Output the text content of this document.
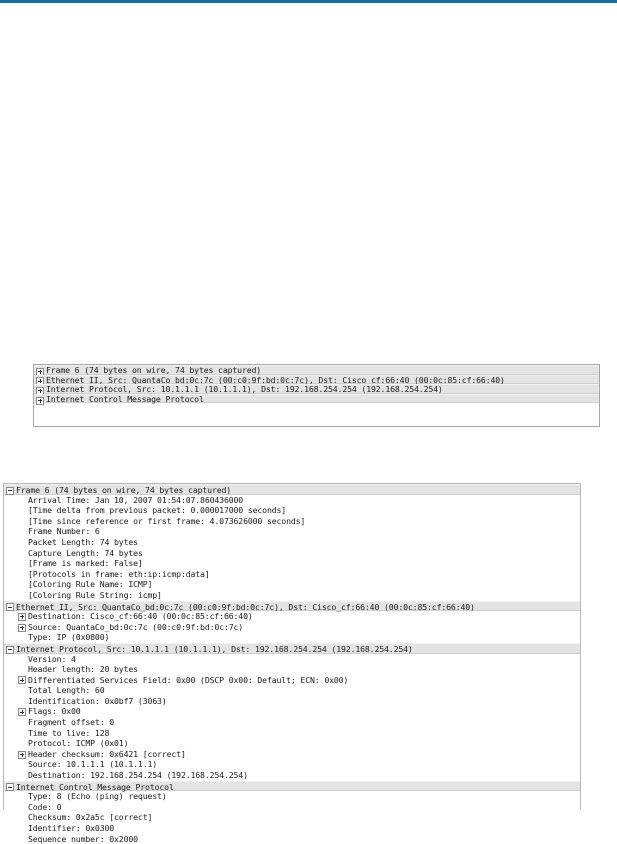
Frame 6 (74 bytes on wire, 74 bytes captured)
Ethernet II, Src: QuantaCo_bd:0c:7c (00:c0:9f:bd:0c:7c), Dst: Cisco_cf:66:40 (00:0c:85:cf:66:40)
Internet Protocol, Src: 10.1.1.1 (10.1.1.1), Dst: 192.168.254.254 (192.168.254.254)
Internet Control Message Protocol
Frame 6 (74 bytes on wire, 74 bytes captured)
Arrival Time: Jan 10, 2007 01:54:07.860436000
[Time delta from previous packet: 0.000017000 seconds]
[Time since reference or first frame: 4.073626000 seconds]
Frame Number: 6
Packet Length: 74 bytes
Capture Length: 74 bytes
[Frame is marked: False]
[Protocols in frame: eth:ip:icmp:data]
[Coloring Rule Name: ICMP]
[Coloring Rule String: icmp]
Ethernet II, Src: QuantaCo_bd:0c:7c (00:c0:9f:bd:0c:7c), Dst: Cisco_cf:66:40 (00:0c:85:cf:66:40)
Destination: Cisco_cf:66:40 (00:0c:85:cf:66:40)
Source: QuantaCo_bd:0c:7c (00:c0:9f:bd:0c:7c)
Type: IP (0x0800)
Internet Protocol, Src: 10.1.1.1 (10.1.1.1), Dst: 192.168.254.254 (192.168.254.254)
Version: 4
Header length: 20 bytes
Differentiated Services Field: 0x00 (DSCP 0x00: Default; ECN: 0x00)
Total Length: 60
Identification: 0x0bf7 (3063)
Flags: 0x00
Fragment offset: 0
Time to live: 128
Protocol: ICMP (0x01)
Header checksum: 0x6421 [correct]
Source: 10.1.1.1 (10.1.1.1)
Destination: 192.168.254.254 (192.168.254.254)
Internet Control Message Protocol
Type: 8 (Echo (ping) request)
Code: 0
Checksum: 0x2a5c [correct]
Identifier: 0x0300
Sequence number: 0x2000
